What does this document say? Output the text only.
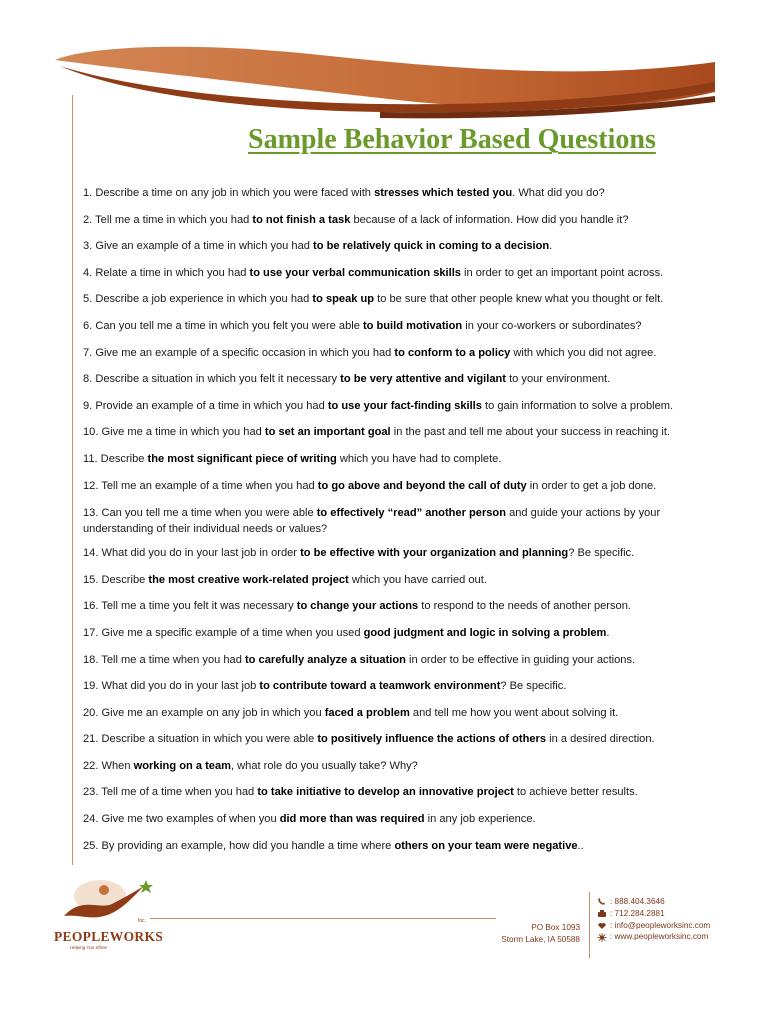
Sample Behavior Based Questions
1. Describe a time on any job in which you were faced with stresses which tested you. What did you do?
2. Tell me a time in which you had to not finish a task because of a lack of information. How did you handle it?
3. Give an example of a time in which you had to be relatively quick in coming to a decision.
4. Relate a time in which you had to use your verbal communication skills in order to get an important point across.
5. Describe a job experience in which you had to speak up to be sure that other people knew what you thought or felt.
6. Can you tell me a time in which you felt you were able to build motivation in your co-workers or subordinates?
7. Give me an example of a specific occasion in which you had to conform to a policy with which you did not agree.
8. Describe a situation in which you felt it necessary to be very attentive and vigilant to your environment.
9. Provide an example of a time in which you had to use your fact-finding skills to gain information to solve a problem.
10. Give me a time in which you had to set an important goal in the past and tell me about your success in reaching it.
11. Describe the most significant piece of writing which you have had to complete.
12. Tell me an example of a time when you had to go above and beyond the call of duty in order to get a job done.
13. Can you tell me a time when you were able to effectively “read” another person and guide your actions by your understanding of their individual needs or values?
14. What did you do in your last job in order to be effective with your organization and planning? Be specific.
15. Describe the most creative work-related project which you have carried out.
16. Tell me a time you felt it was necessary to change your actions to respond to the needs of another person.
17. Give me a specific example of a time when you used good judgment and logic in solving a problem.
18. Tell me a time when you had to carefully analyze a situation in order to be effective in guiding your actions.
19. What did you do in your last job to contribute toward a teamwork environment? Be specific.
20. Give me an example on any job in which you faced a problem and tell me how you went about solving it.
21. Describe a situation in which you were able to positively influence the actions of others in a desired direction.
22. When working on a team, what role do you usually take? Why?
23. Tell me of a time when you had to take initiative to develop an innovative project to achieve better results.
24. Give me two examples of when you did more than was required in any job experience.
25. By providing an example, how did you handle a time where others on your team were negative..
Inc.
PEOPLEWORKS
Helping You Shine
PO Box 1093
Storm Lake, IA 50588
: 888.404.3646
: 712.284.2881
: info@peopleworksinc.com
: www.peopleworksinc.com
